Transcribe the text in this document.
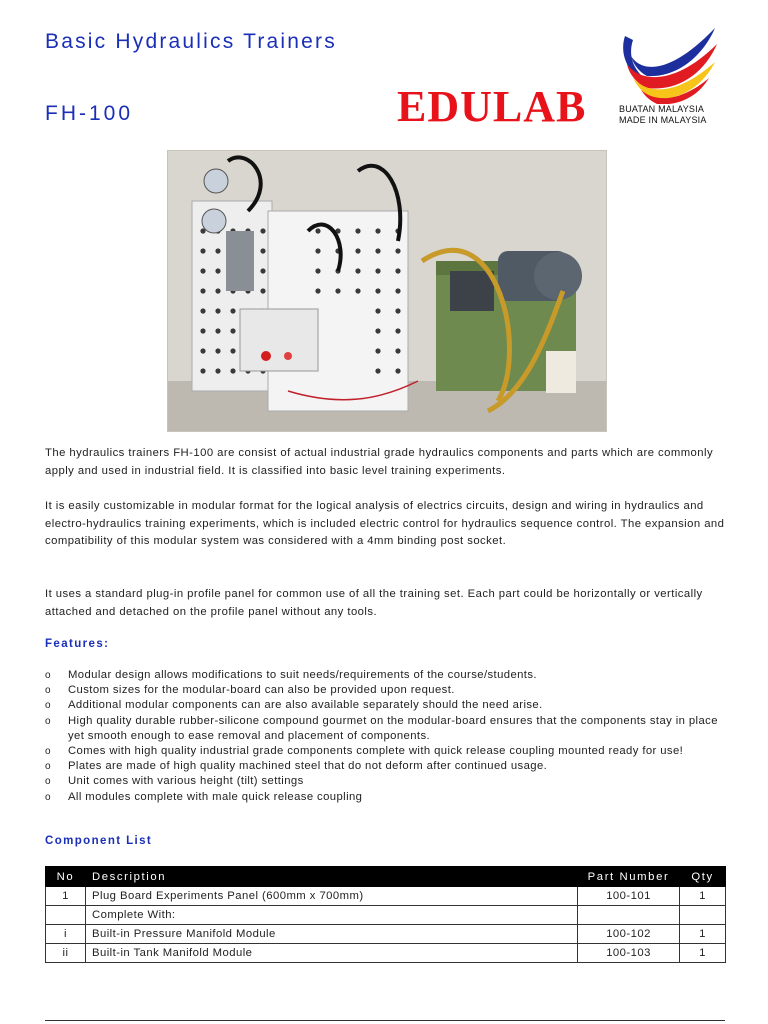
Basic Hydraulics Trainers
FH-100	EDULAB	BUATAN MALAYSIA
MADE IN MALAYSIA

The hydraulics trainers FH-100 are consist of actual industrial grade hydraulics components and parts which are commonly apply and used in industrial field. It is classified into basic level training experiments.

It is easily customizable in modular format for the logical analysis of electrics circuits, design and wiring in hydraulics and electro-hydraulics training experiments, which is included electric control for hydraulics sequence control. The expansion and compatibility of this modular system was considered with a 4mm binding post socket.

It uses a standard plug-in profile panel for common use of all the training set. Each part could be horizontally or vertically attached and detached on the profile panel without any tools.

Features:
o Modular design allows modifications to suit needs/requirements of the course/students.
o Custom sizes for the modular-board can also be provided upon request.
o Additional modular components can are also available separately should the need arise.
o High quality durable rubber-silicone compound gourmet on the modular-board ensures that the components stay in place yet smooth enough to ease removal and placement of components.
o Comes with high quality industrial grade components complete with quick release coupling mounted ready for use!
o Plates are made of high quality machined steel that do not deform after continued usage.
o Unit comes with various height (tilt) settings
o All modules complete with male quick release coupling
Component List
No	Description	Part Number	Qty
1	Plug Board Experiments Panel (600mm x 700mm)	100-101	1
	Complete With:		
i	Built-in Pressure Manifold Module	100-102	1
ii	Built-in Tank Manifold Module	100-103	1
